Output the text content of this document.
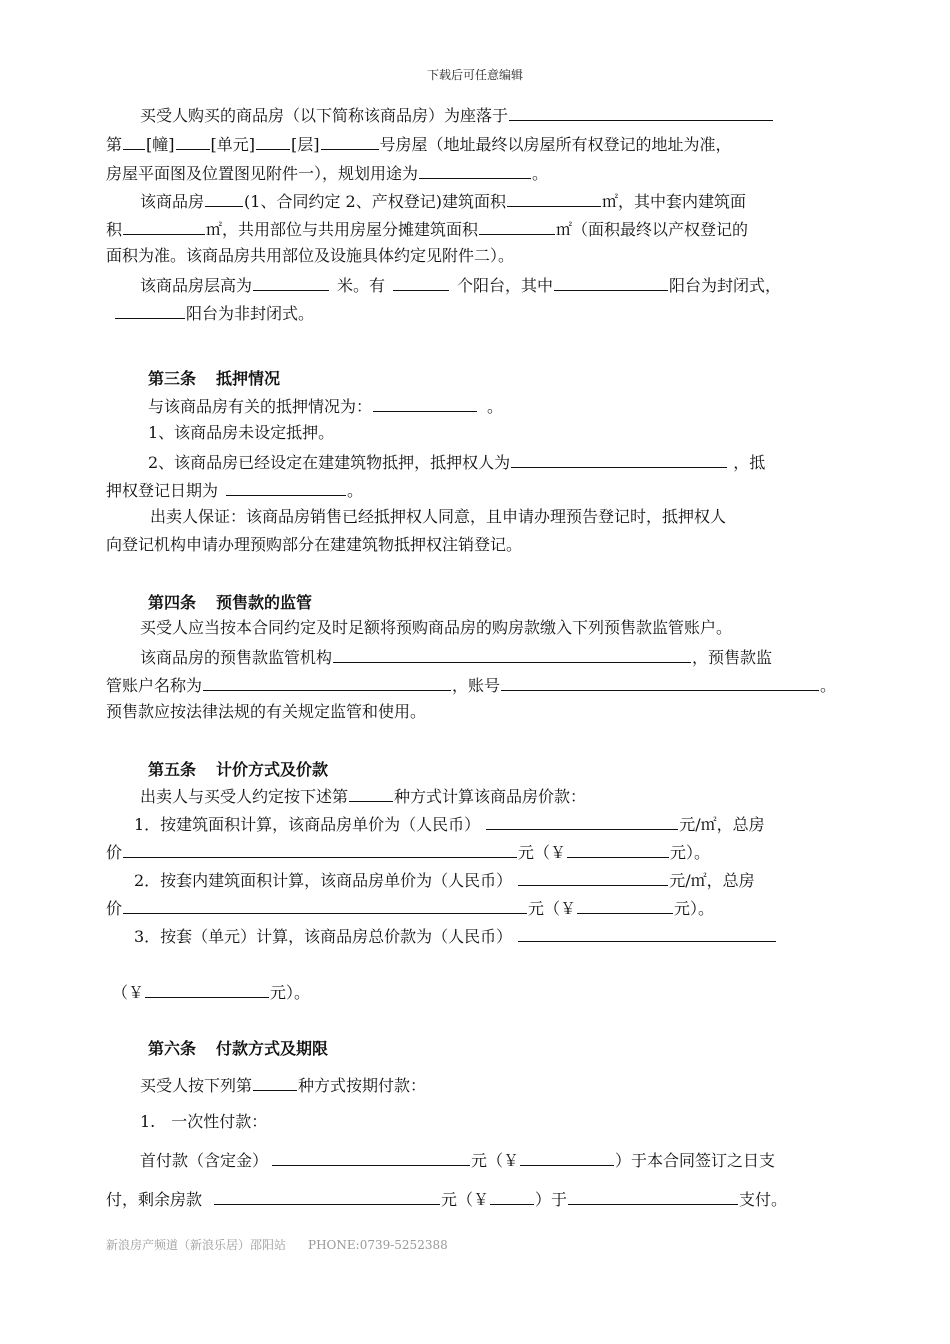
下载后可任意编辑
买受人购买的商品房（以下简称该商品房）为座落于
第 [幢] [单元] [层]	号房屋（地址最终以房屋所有权登记的地址为准，
房屋平面图及位置图见附件一），规划用途为	。
该商品房	(1、合同约定 2、产权登记)建筑面积	㎡，其中套内建筑面
积	㎡，共用部位与共用房屋分摊建筑面积	㎡（面积最终以产权登记的
面积为准。该商品房共用部位及设施具体约定见附件二）。
该商品房层高为	米。有	个阳台，其中	阳台为封闭式，
阳台为非封闭式。
第三条 抵押情况
与该商品房有关的抵押情况为：	。
1、该商品房未设定抵押。
2、该商品房已经设定在建建筑物抵押，抵押权人为	，抵
押权登记日期为	。
出卖人保证：该商品房销售已经抵押权人同意，且申请办理预告登记时，抵押权人
向登记机构申请办理预购部分在建建筑物抵押权注销登记。
第四条 预售款的监管
买受人应当按本合同约定及时足额将预购商品房的购房款缴入下列预售款监管账户。
该商品房的预售款监管机构	，预售款监
管账户名称为	，账号	。
预售款应按法律法规的有关规定监管和使用。
第五条 计价方式及价款
出卖人与买受人约定按下述第	种方式计算该商品房价款：
1．按建筑面积计算，该商品房单价为（人民币）	元/㎡，总房
价	元（￥	元）。
2．按套内建筑面积计算，该商品房单价为（人民币）	元/㎡，总房
价	元（￥	元）。
3．按套（单元）计算，该商品房总价款为（人民币）
（￥	元）。
第六条 付款方式及期限
买受人按下列第	种方式按期付款：
1.　一次性付款：
首付款（含定金）	元（￥	）于本合同签订之日支
付，剩余房款	元（￥	）于	支付。
新浪房产频道（新浪乐居）邵阳站 PHONE:0739-5252388
